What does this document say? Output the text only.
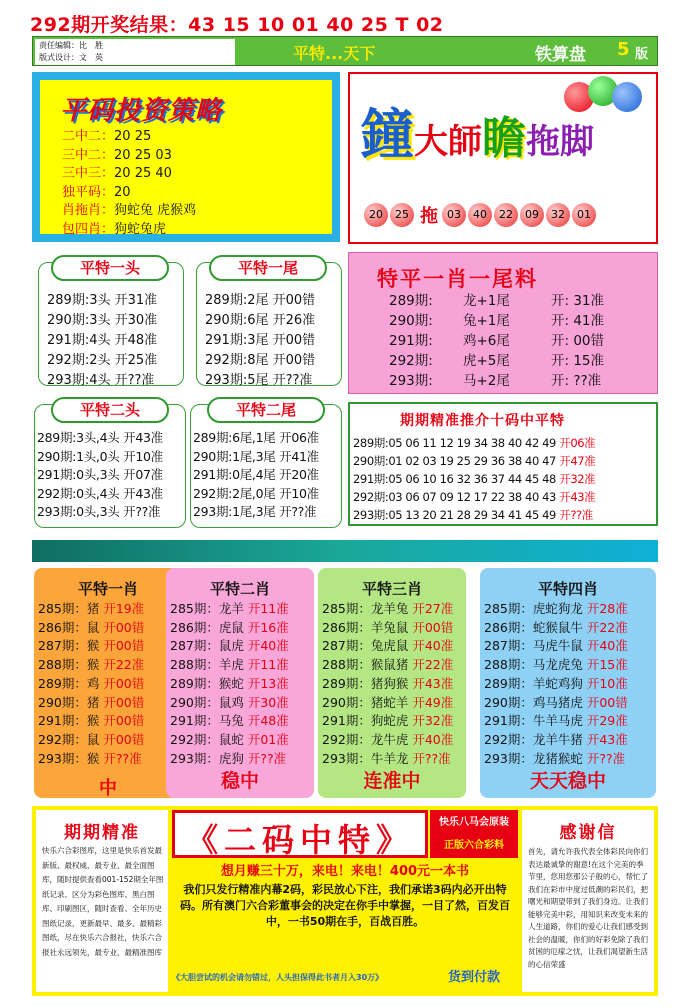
292期开奖结果：43 15 10 01 40 25 T 02
责任编辑：比　胜
版式设计：文　英	平特...天下	铁算盘 5 版
平码投资策略
二中二：20 25
三中二：20 25 03
三中三：20 25 40
独平码：20
肖拖肖：狗蛇兔 虎猴鸡
包四肖：狗蛇兔虎
鐘大師瞻拖脚
20 25 拖 03 40 22 09 32 01
平特一头
289期:3头 开31准
290期:3头 开30准
291期:4头 开48准
292期:2头 开25准
293期:4头 开??准
平特一尾
289期:2尾 开00错
290期:6尾 开26准
291期:3尾 开00错
292期:8尾 开00错
293期:5尾 开??准
特平一肖一尾料
289期: 龙+1尾	开: 31准
290期: 兔+1尾	开: 41准
291期: 鸡+6尾	开: 00错
292期: 虎+5尾	开: 15准
293期: 马+2尾	开: ??准
平特二头
289期:3头,4头 开43准
290期:1头,0头 开10准
291期:0头,3头 开07准
292期:0头,4头 开43准
293期:0头,3头 开??准
平特二尾
289期:6尾,1尾 开06准
290期:1尾,3尾 开41准
291期:0尾,4尾 开20准
292期:2尾,0尾 开10准
293期:1尾,3尾 开??准
期期精准推介十码中平特
289期:05 06 11 12 19 34 38 40 42 49 开06准
290期:01 02 03 19 25 29 36 38 40 47 开47准
291期:05 06 10 16 32 36 37 44 45 48 开32准
292期:03 06 07 09 12 17 22 38 40 43 开43准
293期:05 13 20 21 28 29 34 41 45 49 开??准
平特一肖
285期：猪 开19准
286期：鼠 开00错
287期：猴 开00错
288期：猴 开22准
289期：鸡 开00错
290期：猪 开00错
291期：猴 开00错
292期：鼠 开00错
293期：猴 开??准
中
平特二肖
285期：龙羊 开11准
286期：虎鼠 开16准
287期：鼠虎 开40准
288期：羊虎 开11准
289期：猴蛇 开13准
290期：鼠鸡 开30准
291期：马兔 开48准
292期：鼠蛇 开01准
293期：虎狗 开??准
稳中
平特三肖
285期：龙羊兔 开27准
286期：羊兔鼠 开00错
287期：兔虎鼠 开40准
288期：猴鼠猪 开22准
289期：猪狗猴 开43准
290期：猪蛇羊 开49准
291期：狗蛇虎 开32准
292期：龙牛虎 开40准
293期：牛羊龙 开??准
连准中
平特四肖
285期：虎蛇狗龙 开28准
286期：蛇猴鼠牛 开22准
287期：马虎牛鼠 开40准
288期：马龙虎兔 开15准
289期：羊蛇鸡狗 开10准
290期：鸡马猪虎 开00错
291期：牛羊马虎 开29准
292期：龙羊牛猪 开43准
293期：龙猪猴蛇 开??准
天天稳中
期期精准
快乐六合彩图库，这里是快乐首发最新版、最权威、最专业、最全面图库，随时提供查看001-152期全年图纸记录、区分为彩色图库、黑白图库、印刷图区，随时查看、全年历史图纸记录、更新最早、最多、最精彩图纸，尽在快乐六合报社，快乐六合报社永远领先，最专业、最精准图库
《二码中特》	快乐八马会原装
正版六合彩料
想月赚三十万，来电！来电！400元一本书
我们只发行精准内幕2码，彩民放心下注，我们承诺3码内必开出特码。所有澳门六合彩董事会的决定在你手中掌握，一目了然，百发百中，一书50期在手，百战百胜。
《大胆尝试的机会请勿错过，人头担保得此书者月入30万》	货到付款
感谢信
首先，请允许我代表全体彩民向你们表达最诚挚的谢意!在这个完美的季节里，您用您那公子般的心，帮忙了我们在彩市中度过低潮的彩民们，把曙光和期望带到了我们身边。让我们能够完美中彩，用知识来改变未来的人生道路，你们的爱心让我们感受到社会的温暖，你们的好彩免除了我们贫困的厄瘃之忧，让我们渴望新生活的心信荣盛
